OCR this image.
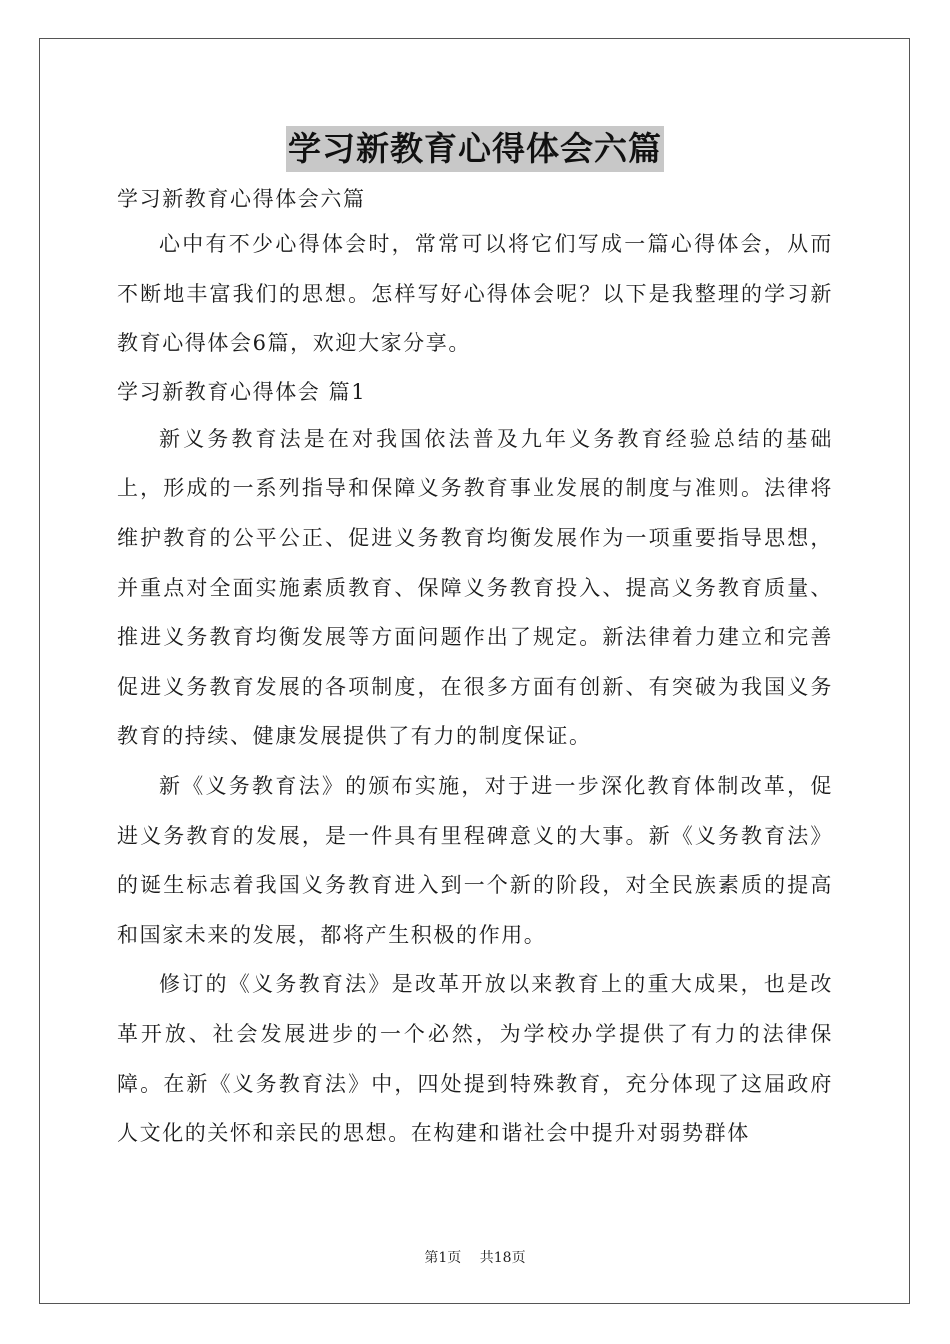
学习新教育心得体会六篇

学习新教育心得体会六篇

心中有不少心得体会时，常常可以将它们写成一篇心得体会，从而不断地丰富我们的思想。怎样写好心得体会呢？以下是我整理的学习新教育心得体会6篇，欢迎大家分享。

学习新教育心得体会 篇1

新义务教育法是在对我国依法普及九年义务教育经验总结的基础上，形成的一系列指导和保障义务教育事业发展的制度与准则。法律将维护教育的公平公正、促进义务教育均衡发展作为一项重要指导思想，并重点对全面实施素质教育、保障义务教育投入、提高义务教育质量、推进义务教育均衡发展等方面问题作出了规定。新法律着力建立和完善促进义务教育发展的各项制度，在很多方面有创新、有突破为我国义务教育的持续、健康发展提供了有力的制度保证。

新《义务教育法》的颁布实施，对于进一步深化教育体制改革，促进义务教育的发展，是一件具有里程碑意义的大事。新《义务教育法》的诞生标志着我国义务教育进入到一个新的阶段，对全民族素质的提高和国家未来的发展，都将产生积极的作用。

修订的《义务教育法》是改革开放以来教育上的重大成果，也是改革开放、社会发展进步的一个必然，为学校办学提供了有力的法律保障。在新《义务教育法》中，四处提到特殊教育，充分体现了这届政府人文化的关怀和亲民的思想。在构建和谐社会中提升对弱势群体

第1页 共18页
